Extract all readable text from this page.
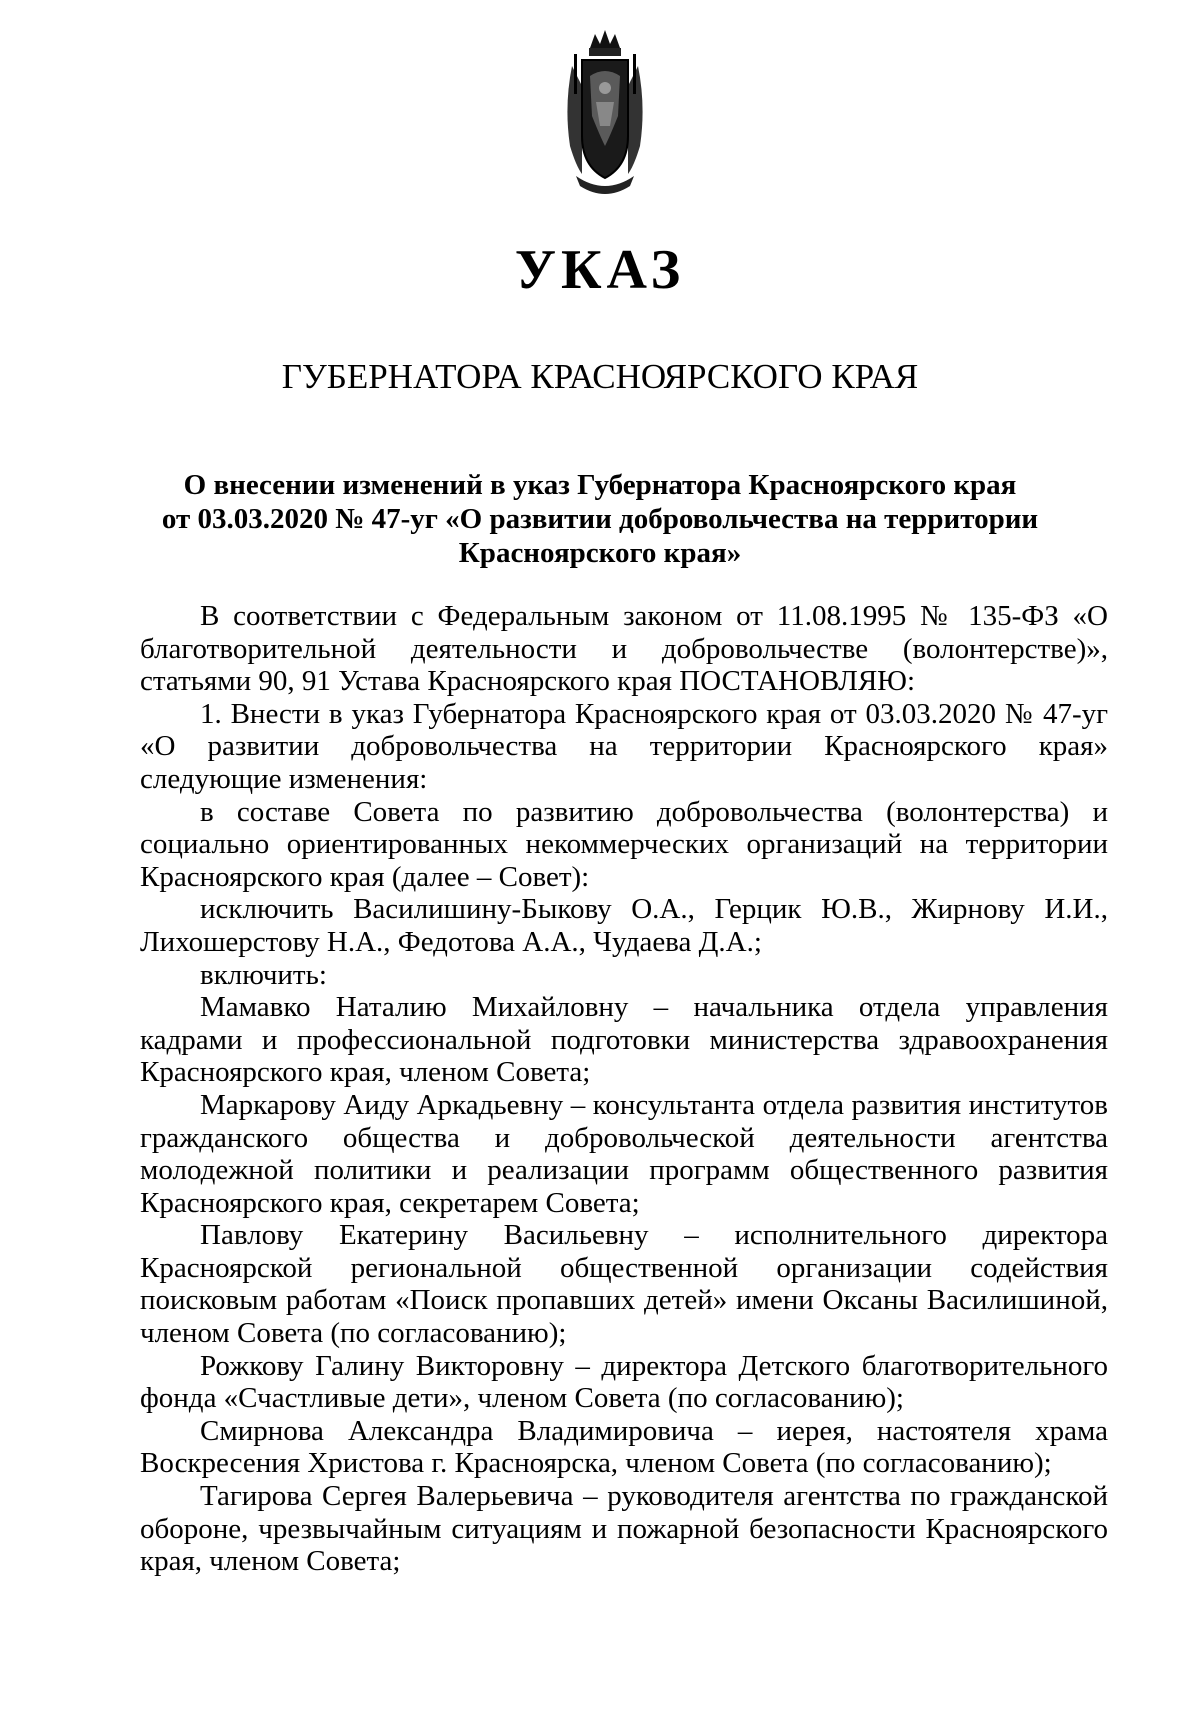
УКАЗ
ГУБЕРНАТОРА КРАСНОЯРСКОГО КРАЯ
О внесении изменений в указ Губернатора Красноярского края
от 03.03.2020 № 47-уг «О развитии добровольчества на территории
Красноярского края»

В соответствии с Федеральным законом от 11.08.1995 № 135-ФЗ «О благотворительной деятельности и добровольчестве (волонтерстве)», статьями 90, 91 Устава Красноярского края ПОСТАНОВЛЯЮ:

1. Внести в указ Губернатора Красноярского края от 03.03.2020 № 47-уг «О развитии добровольчества на территории Красноярского края» следующие изменения:

в составе Совета по развитию добровольчества (волонтерства) и социально ориентированных некоммерческих организаций на территории Красноярского края (далее – Совет):

исключить Василишину-Быкову О.А., Герцик Ю.В., Жирнову И.И., Лихошерстову Н.А., Федотова А.А., Чудаева Д.А.;

включить:

Мамавко Наталию Михайловну – начальника отдела управления кадрами и профессиональной подготовки министерства здравоохранения Красноярского края, членом Совета;

Маркарову Аиду Аркадьевну – консультанта отдела развития институтов гражданского общества и добровольческой деятельности агентства молодежной политики и реализации программ общественного развития Красноярского края, секретарем Совета;

Павлову Екатерину Васильевну – исполнительного директора Красноярской региональной общественной организации содействия поисковым работам «Поиск пропавших детей» имени Оксаны Василишиной, членом Совета (по согласованию);

Рожкову Галину Викторовну – директора Детского благотворительного фонда «Счастливые дети», членом Совета (по согласованию);

Смирнова Александра Владимировича – иерея, настоятеля храма Воскресения Христова г. Красноярска, членом Совета (по согласованию);

Тагирова Сергея Валерьевича – руководителя агентства по гражданской обороне, чрезвычайным ситуациям и пожарной безопасности Красноярского края, членом Совета;
